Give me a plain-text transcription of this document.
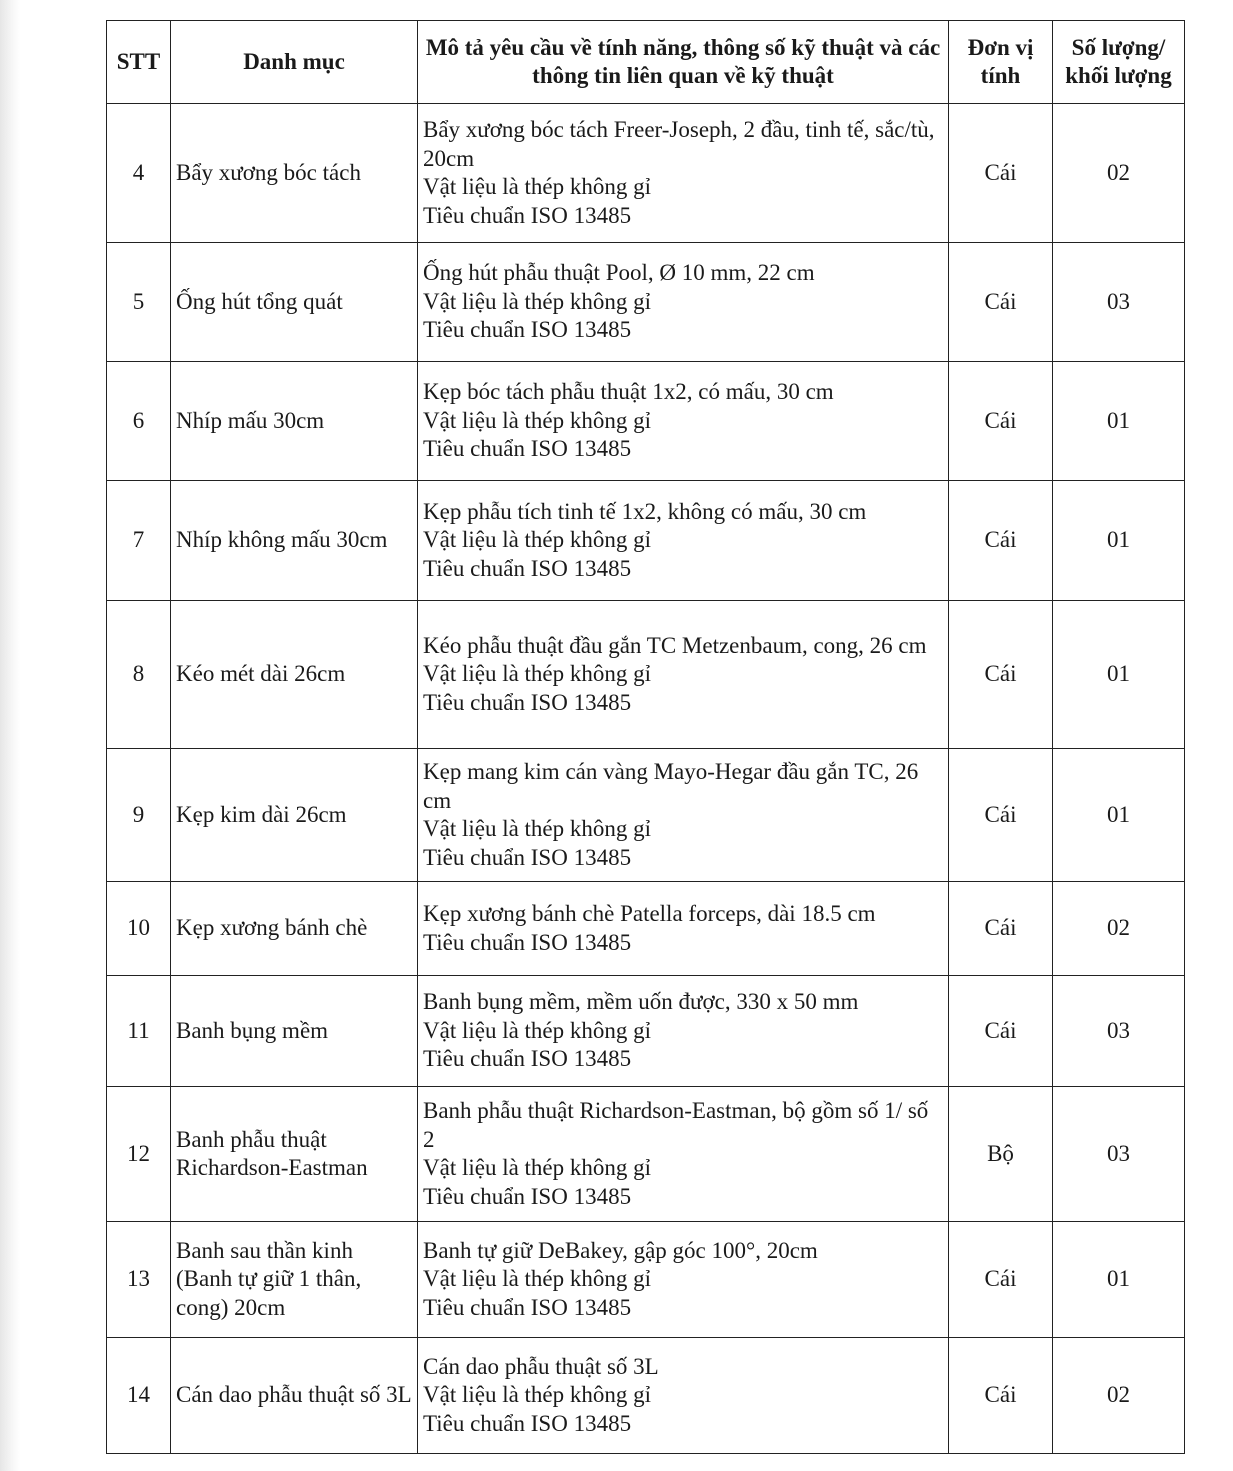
STT	Danh mục	Mô tả yêu cầu về tính năng, thông số kỹ thuật và các thông tin liên quan về kỹ thuật	Đơn vị tính	Số lượng/ khối lượng
4	Bẩy xương bóc tách	Bẩy xương bóc tách Freer-Joseph, 2 đầu, tinh tế, sắc/tù, 20cm
Vật liệu là thép không gỉ
Tiêu chuẩn ISO 13485	Cái	02
5	Ống hút tổng quát	Ống hút phẫu thuật Pool, Ø 10 mm, 22 cm
Vật liệu là thép không gỉ
Tiêu chuẩn ISO 13485	Cái	03
6	Nhíp mấu 30cm	Kẹp bóc tách phẫu thuật 1x2, có mấu, 30 cm
Vật liệu là thép không gỉ
Tiêu chuẩn ISO 13485	Cái	01
7	Nhíp không mấu 30cm	Kẹp phẫu tích tinh tế 1x2, không có mấu, 30 cm
Vật liệu là thép không gỉ
Tiêu chuẩn ISO 13485	Cái	01
8	Kéo mét dài 26cm	Kéo phẫu thuật đầu gắn TC Metzenbaum, cong, 26 cm
Vật liệu là thép không gỉ
Tiêu chuẩn ISO 13485	Cái	01
9	Kẹp kim dài 26cm	Kẹp mang kim cán vàng Mayo-Hegar đầu gắn TC, 26 cm
Vật liệu là thép không gỉ
Tiêu chuẩn ISO 13485	Cái	01
10	Kẹp xương bánh chè	Kẹp xương bánh chè Patella forceps, dài 18.5 cm
Tiêu chuẩn ISO 13485	Cái	02
11	Banh bụng mềm	Banh bụng mềm, mềm uốn được, 330 x 50 mm
Vật liệu là thép không gỉ
Tiêu chuẩn ISO 13485	Cái	03
12	Banh phẫu thuật Richardson-Eastman	Banh phẫu thuật Richardson-Eastman, bộ gồm số 1/ số 2
Vật liệu là thép không gỉ
Tiêu chuẩn ISO 13485	Bộ	03
13	Banh sau thần kinh (Banh tự giữ 1 thân, cong) 20cm	Banh tự giữ DeBakey, gập góc 100°, 20cm
Vật liệu là thép không gỉ
Tiêu chuẩn ISO 13485	Cái	01
14	Cán dao phẫu thuật số 3L	Cán dao phẫu thuật số 3L
Vật liệu là thép không gỉ
Tiêu chuẩn ISO 13485	Cái	02
